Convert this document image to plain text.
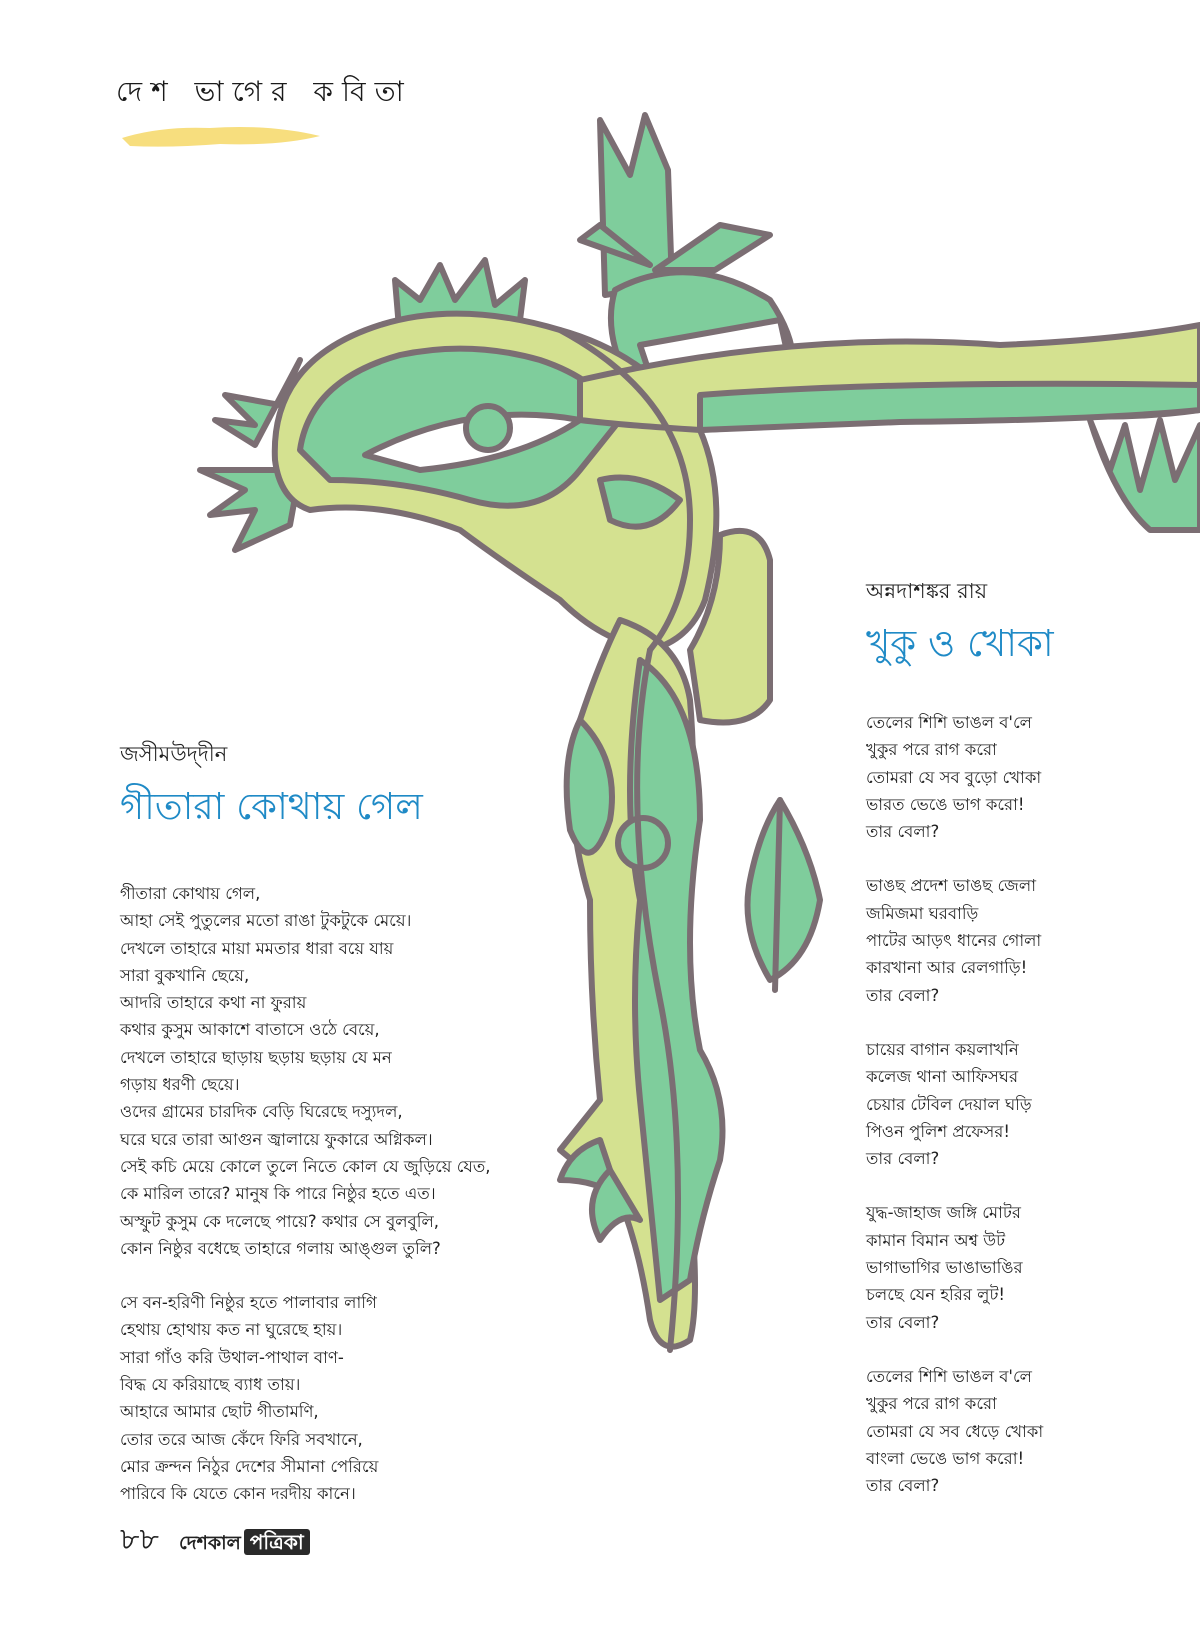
দেশ ভাগের কবিতা
জসীমউদ্‌দীন
গীতারা কোথায় গেল
গীতারা কোথায় গেল,
আহা সেই পুতুলের মতো রাঙা টুকটুকে মেয়ে।
দেখলে তাহারে মায়া মমতার ধারা বয়ে যায়
সারা বুকখানি ছেয়ে,
আদরি তাহারে কথা না ফুরায়
কথার কুসুম আকাশে বাতাসে ওঠে বেয়ে,
দেখলে তাহারে ছাড়ায় ছড়ায় ছড়ায় যে মন
গড়ায় ধরণী ছেয়ে।
ওদের গ্রামের চারদিক বেড়ি ঘিরেছে দস্যুদল,
ঘরে ঘরে তারা আগুন জ্বালায়ে ফুকারে অগ্নিকল।
সেই কচি মেয়ে কোলে তুলে নিতে কোল যে জুড়িয়ে যেত,
কে মারিল তারে? মানুষ কি পারে নিষ্ঠুর হতে এত।
অস্ফুট কুসুম কে দলেছে পায়ে? কথার সে বুলবুলি,
কোন নিষ্ঠুর বধেছে তাহারে গলায় আঙ্গুল তুলি?
সে বন-হরিণী নিষ্ঠুর হতে পালাবার লাগি
হেথায় হোথায় কত না ঘুরেছে হায়।
সারা গাঁও করি উথাল-পাথাল বাণ-
বিদ্ধ যে করিয়াছে ব্যাধ তায়।
আহারে আমার ছোট গীতামণি,
তোর তরে আজ কেঁদে ফিরি সবখানে,
মোর ক্রন্দন নিঠুর দেশের সীমানা পেরিয়ে
পারিবে কি যেতে কোন দরদীয় কানে।
অন্নদাশঙ্কর রায়
খুকু ও খোকা
তেলের শিশি ভাঙল ব'লে
খুকুর পরে রাগ করো
তোমরা যে সব বুড়ো খোকা
ভারত ভেঙে ভাগ করো!
তার বেলা?
ভাঙছ প্রদেশ ভাঙছ জেলা
জমিজমা ঘরবাড়ি
পাটের আড়ৎ ধানের গোলা
কারখানা আর রেলগাড়ি!
তার বেলা?
চায়ের বাগান কয়লাখনি
কলেজ থানা আফিসঘর
চেয়ার টেবিল দেয়াল ঘড়ি
পিওন পুলিশ প্রফেসর!
তার বেলা?
যুদ্ধ-জাহাজ জঙ্গি মোটর
কামান বিমান অশ্ব উট
ভাগাভাগির ভাঙাভাঙির
চলছে যেন হরির লুট!
তার বেলা?
তেলের শিশি ভাঙল ব'লে
খুকুর পরে রাগ করো
তোমরা যে সব ধেড়ে খোকা
বাংলা ভেঙে ভাগ করো!
তার বেলা?
৮৮ দেশকাল পত্রিকা
